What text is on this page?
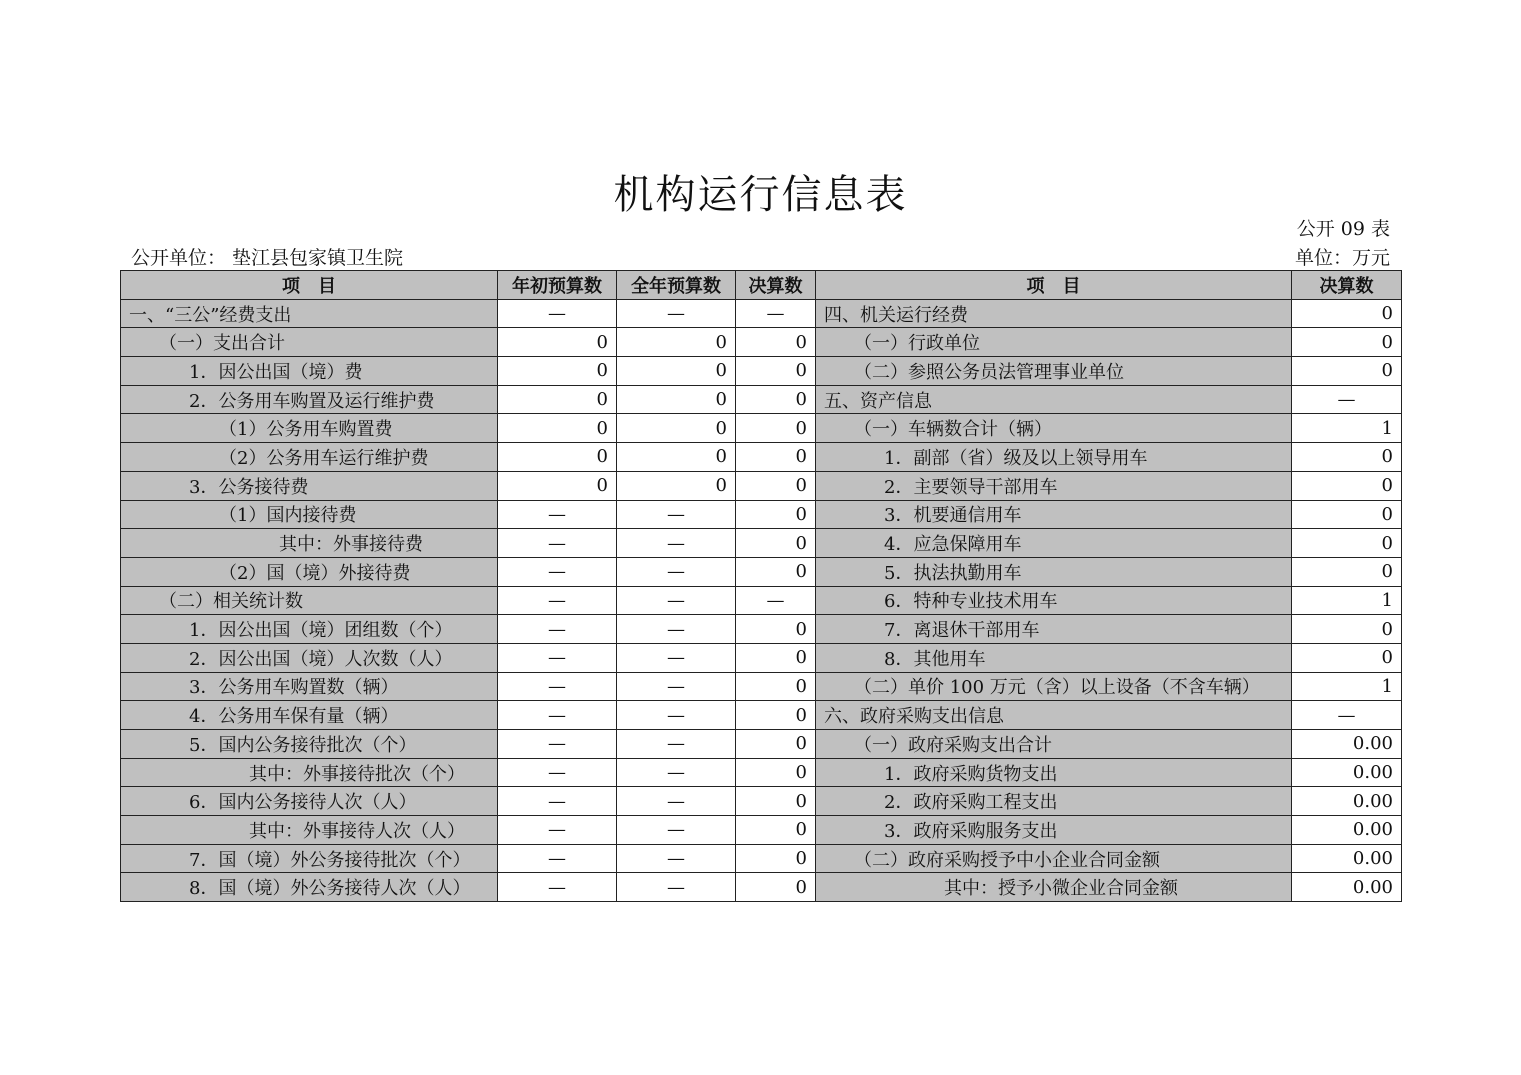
机构运行信息表
公开 09 表
公开单位： 垫江县包家镇卫生院	单位：万元
项　目	年初预算数	全年预算数	决算数	项　目	决算数
一、“三公”经费支出	—	—	—	四、机关运行经费	0
（一）支出合计	0	0	0	（一）行政单位	0
1．因公出国（境）费	0	0	0	（二）参照公务员法管理事业单位	0
2．公务用车购置及运行维护费	0	0	0	五、资产信息	—
（1）公务用车购置费	0	0	0	（一）车辆数合计（辆）	1
（2）公务用车运行维护费	0	0	0	1．副部（省）级及以上领导用车	0
3．公务接待费	0	0	0	2．主要领导干部用车	0
（1）国内接待费	—	—	0	3．机要通信用车	0
其中：外事接待费	—	—	0	4．应急保障用车	0
（2）国（境）外接待费	—	—	0	5．执法执勤用车	0
（二）相关统计数	—	—	—	6．特种专业技术用车	1
1．因公出国（境）团组数（个）	—	—	0	7．离退休干部用车	0
2．因公出国（境）人次数（人）	—	—	0	8．其他用车	0
3．公务用车购置数（辆）	—	—	0	（二）单价 100 万元（含）以上设备（不含车辆）	1
4．公务用车保有量（辆）	—	—	0	六、政府采购支出信息	—
5．国内公务接待批次（个）	—	—	0	（一）政府采购支出合计	0.00
其中：外事接待批次（个）	—	—	0	1．政府采购货物支出	0.00
6．国内公务接待人次（人）	—	—	0	2．政府采购工程支出	0.00
其中：外事接待人次（人）	—	—	0	3．政府采购服务支出	0.00
7．国（境）外公务接待批次（个）	—	—	0	（二）政府采购授予中小企业合同金额	0.00
8．国（境）外公务接待人次（人）	—	—	0	其中：授予小微企业合同金额	0.00
